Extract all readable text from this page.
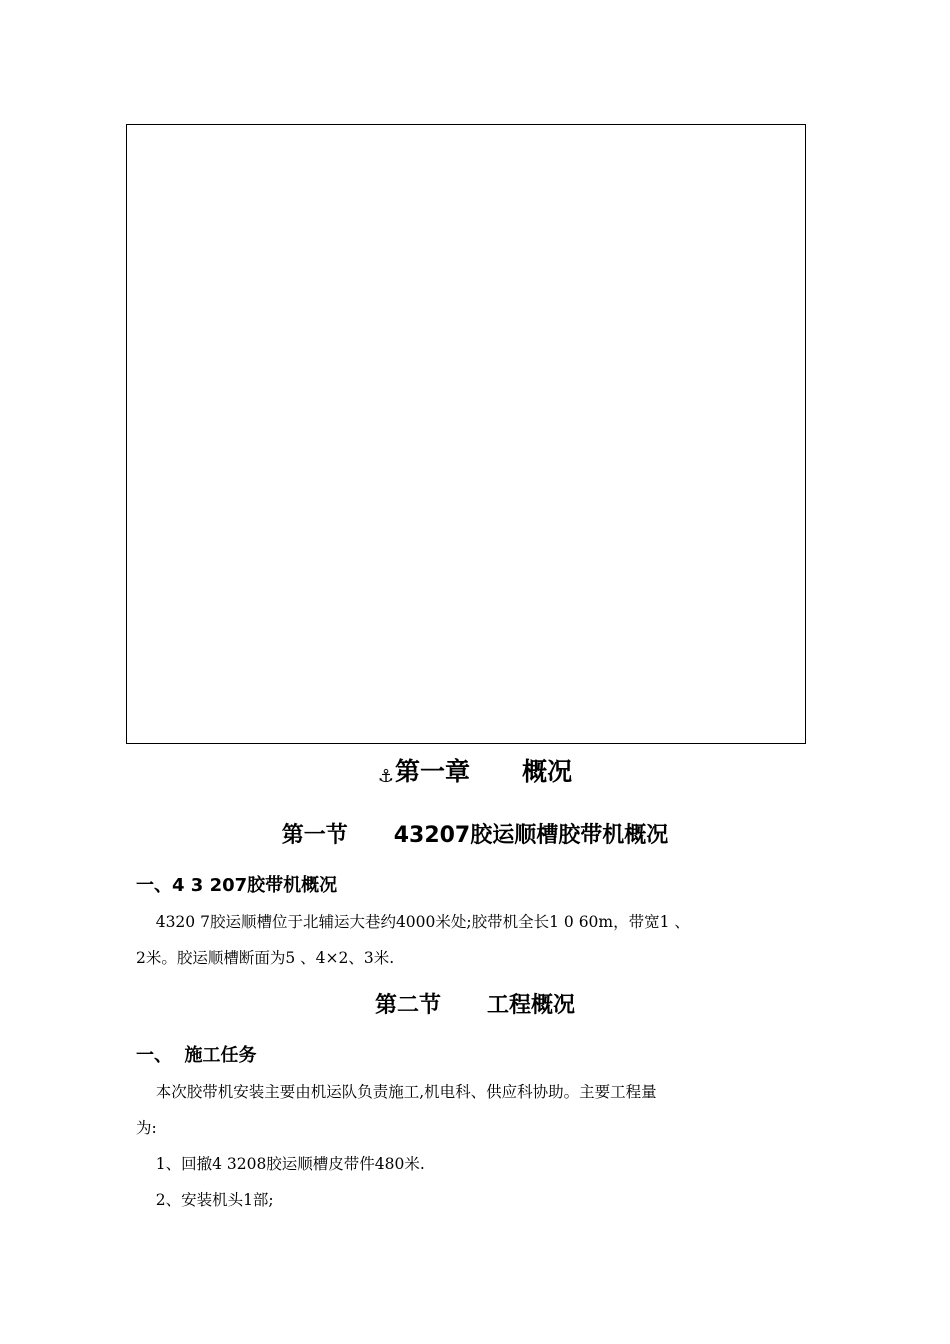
⚓第一章      概况
第一节      43207胶运顺槽胶带机概况
一、4 3 207胶带机概况
4320 7胶运顺槽位于北辅运大巷约4000米处;胶带机全长1 0 60m，带宽1 、
2米。胶运顺槽断面为5 、4×2、3米.
第二节      工程概况
一、  施工任务
本次胶带机安装主要由机运队负责施工,机电科、供应科协助。主要工程量
为:
1、回撤4 3208胶运顺槽皮带件480米.
2、安装机头1部;
